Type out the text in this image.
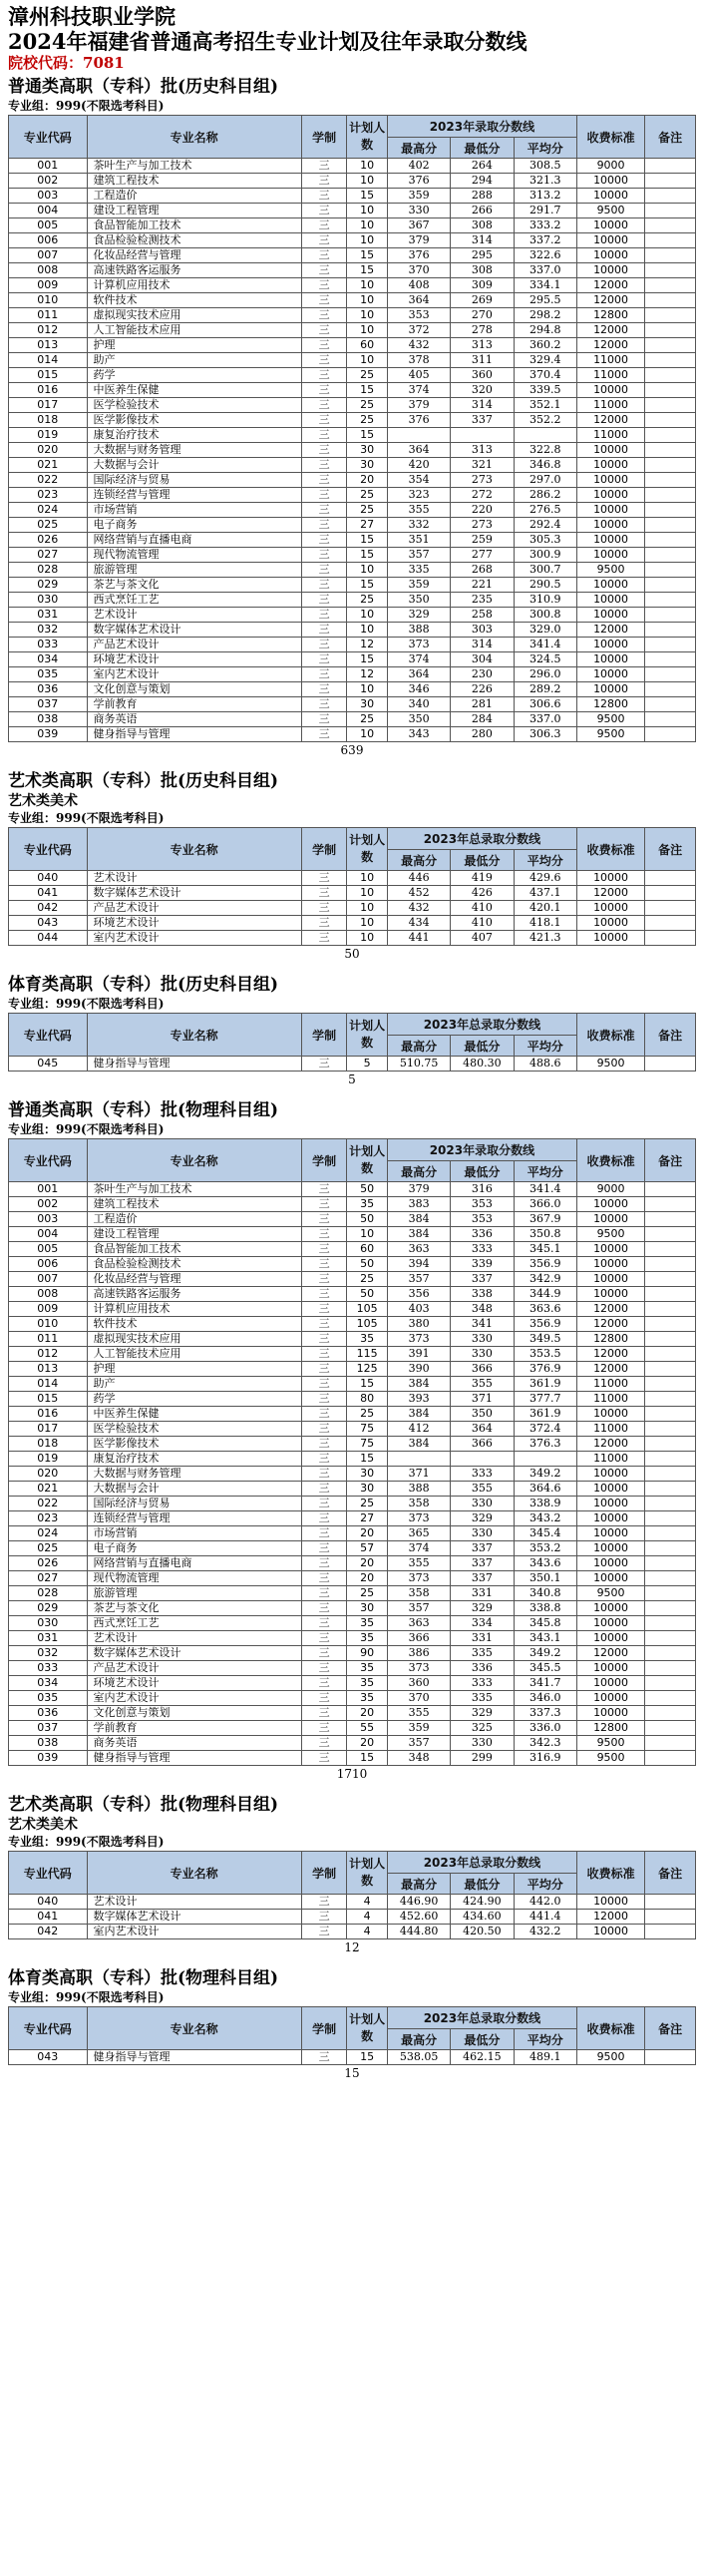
漳州科技职业学院
2024年福建省普通高考招生专业计划及往年录取分数线
院校代码：7081
普通类高职（专科）批(历史科目组)
专业组：999(不限选考科目)
专业代码	专业名称	学制	计划人数	2023年录取分数线			收费标准	备注
				最高分	最低分	平均分		
001	茶叶生产与加工技术	三	10	402	264	308.5	9000	
002	建筑工程技术	三	10	376	294	321.3	10000	
003	工程造价	三	15	359	288	313.2	10000	
004	建设工程管理	三	10	330	266	291.7	9500	
005	食品智能加工技术	三	10	367	308	333.2	10000	
006	食品检验检测技术	三	10	379	314	337.2	10000	
007	化妆品经营与管理	三	15	376	295	322.6	10000	
008	高速铁路客运服务	三	15	370	308	337.0	10000	
009	计算机应用技术	三	10	408	309	334.1	12000	
010	软件技术	三	10	364	269	295.5	12000	
011	虚拟现实技术应用	三	10	353	270	298.2	12800	
012	人工智能技术应用	三	10	372	278	294.8	12000	
013	护理	三	60	432	313	360.2	12000	
014	助产	三	10	378	311	329.4	11000	
015	药学	三	25	405	360	370.4	11000	
016	中医养生保健	三	15	374	320	339.5	10000	
017	医学检验技术	三	25	379	314	352.1	11000	
018	医学影像技术	三	25	376	337	352.2	12000	
019	康复治疗技术	三	15				11000	
020	大数据与财务管理	三	30	364	313	322.8	10000	
021	大数据与会计	三	30	420	321	346.8	10000	
022	国际经济与贸易	三	20	354	273	297.0	10000	
023	连锁经营与管理	三	25	323	272	286.2	10000	
024	市场营销	三	25	355	220	276.5	10000	
025	电子商务	三	27	332	273	292.4	10000	
026	网络营销与直播电商	三	15	351	259	305.3	10000	
027	现代物流管理	三	15	357	277	300.9	10000	
028	旅游管理	三	10	335	268	300.7	9500	
029	茶艺与茶文化	三	15	359	221	290.5	10000	
030	西式烹饪工艺	三	25	350	235	310.9	10000	
031	艺术设计	三	10	329	258	300.8	10000	
032	数字媒体艺术设计	三	10	388	303	329.0	12000	
033	产品艺术设计	三	12	373	314	341.4	10000	
034	环境艺术设计	三	15	374	304	324.5	10000	
035	室内艺术设计	三	12	364	230	296.0	10000	
036	文化创意与策划	三	10	346	226	289.2	10000	
037	学前教育	三	30	340	281	306.6	12800	
038	商务英语	三	25	350	284	337.0	9500	
039	健身指导与管理	三	10	343	280	306.3	9500	
639
艺术类高职（专科）批(历史科目组)
艺术类美术
专业组：999(不限选考科目)
专业代码	专业名称	学制	计划人数	2023年总录取分数线			收费标准	备注
				最高分	最低分	平均分		
040	艺术设计	三	10	446	419	429.6	10000	
041	数字媒体艺术设计	三	10	452	426	437.1	12000	
042	产品艺术设计	三	10	432	410	420.1	10000	
043	环境艺术设计	三	10	434	410	418.1	10000	
044	室内艺术设计	三	10	441	407	421.3	10000	
50
体育类高职（专科）批(历史科目组)
专业组：999(不限选考科目)
专业代码	专业名称	学制	计划人数	2023年总录取分数线			收费标准	备注
				最高分	最低分	平均分		
045	健身指导与管理	三	5	510.75	480.30	488.6	9500	
5
普通类高职（专科）批(物理科目组)
专业组：999(不限选考科目)
专业代码	专业名称	学制	计划人数	2023年录取分数线			收费标准	备注
				最高分	最低分	平均分		
001	茶叶生产与加工技术	三	50	379	316	341.4	9000	
002	建筑工程技术	三	35	383	353	366.0	10000	
003	工程造价	三	50	384	353	367.9	10000	
004	建设工程管理	三	10	384	336	350.8	9500	
005	食品智能加工技术	三	60	363	333	345.1	10000	
006	食品检验检测技术	三	50	394	339	356.9	10000	
007	化妆品经营与管理	三	25	357	337	342.9	10000	
008	高速铁路客运服务	三	50	356	338	344.9	10000	
009	计算机应用技术	三	105	403	348	363.6	12000	
010	软件技术	三	105	380	341	356.9	12000	
011	虚拟现实技术应用	三	35	373	330	349.5	12800	
012	人工智能技术应用	三	115	391	330	353.5	12000	
013	护理	三	125	390	366	376.9	12000	
014	助产	三	15	384	355	361.9	11000	
015	药学	三	80	393	371	377.7	11000	
016	中医养生保健	三	25	384	350	361.9	10000	
017	医学检验技术	三	75	412	364	372.4	11000	
018	医学影像技术	三	75	384	366	376.3	12000	
019	康复治疗技术	三	15				11000	
020	大数据与财务管理	三	30	371	333	349.2	10000	
021	大数据与会计	三	30	388	355	364.6	10000	
022	国际经济与贸易	三	25	358	330	338.9	10000	
023	连锁经营与管理	三	27	373	329	343.2	10000	
024	市场营销	三	20	365	330	345.4	10000	
025	电子商务	三	57	374	337	353.2	10000	
026	网络营销与直播电商	三	20	355	337	343.6	10000	
027	现代物流管理	三	20	373	337	350.1	10000	
028	旅游管理	三	25	358	331	340.8	9500	
029	茶艺与茶文化	三	30	357	329	338.8	10000	
030	西式烹饪工艺	三	35	363	334	345.8	10000	
031	艺术设计	三	35	366	331	343.1	10000	
032	数字媒体艺术设计	三	90	386	335	349.2	12000	
033	产品艺术设计	三	35	373	336	345.5	10000	
034	环境艺术设计	三	35	360	333	341.7	10000	
035	室内艺术设计	三	35	370	335	346.0	10000	
036	文化创意与策划	三	20	355	329	337.3	10000	
037	学前教育	三	55	359	325	336.0	12800	
038	商务英语	三	20	357	330	342.3	9500	
039	健身指导与管理	三	15	348	299	316.9	9500	
1710
艺术类高职（专科）批(物理科目组)
艺术类美术
专业组：999(不限选考科目)
专业代码	专业名称	学制	计划人数	2023年总录取分数线			收费标准	备注
				最高分	最低分	平均分		
040	艺术设计	三	4	446.90	424.90	442.0	10000	
041	数字媒体艺术设计	三	4	452.60	434.60	441.4	12000	
042	室内艺术设计	三	4	444.80	420.50	432.2	10000	
12
体育类高职（专科）批(物理科目组)
专业组：999(不限选考科目)
专业代码	专业名称	学制	计划人数	2023年总录取分数线			收费标准	备注
				最高分	最低分	平均分		
043	健身指导与管理	三	15	538.05	462.15	489.1	9500	
15
